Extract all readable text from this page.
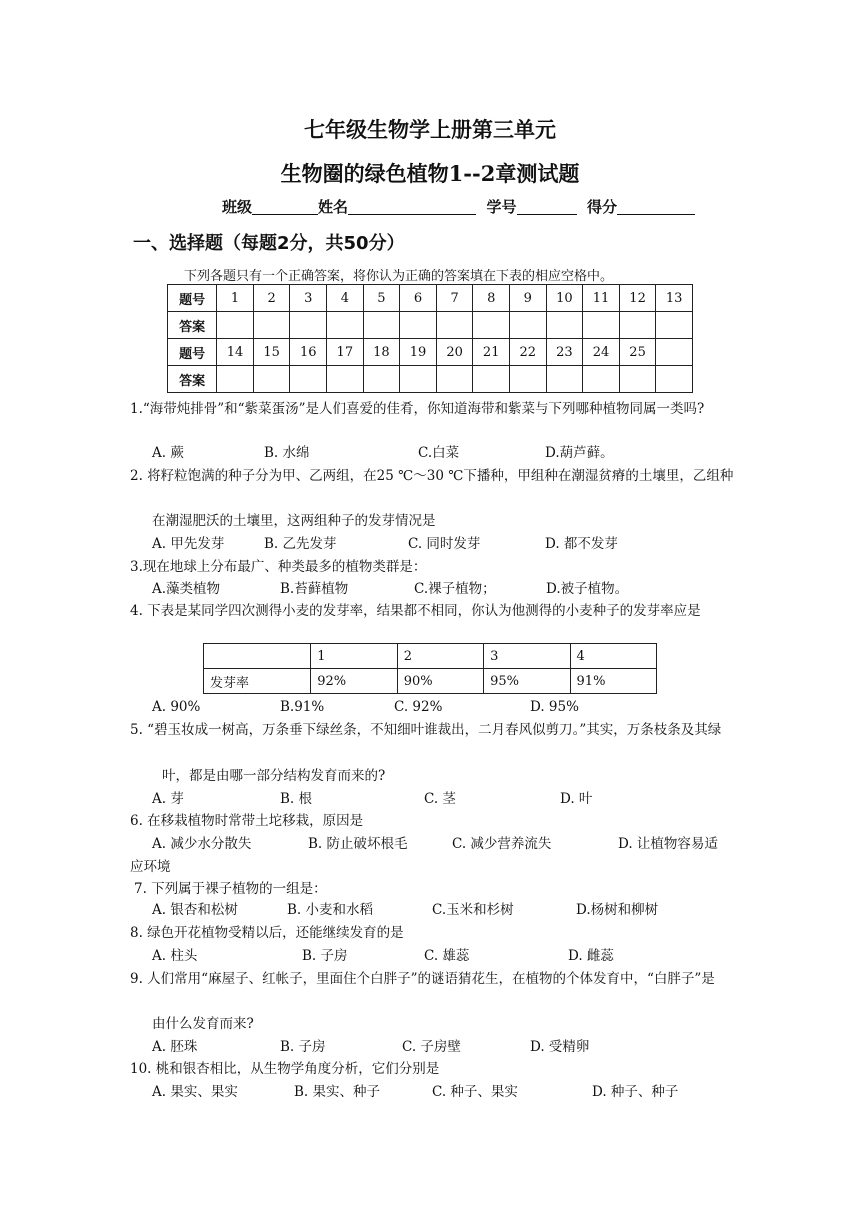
七年级生物学上册第三单元
生物圈的绿色植物1--2章测试题
班级	姓名	学号	得分
一、选择题（每题2分，共50分）
下列各题只有一个正确答案，将你认为正确的答案填在下表的相应空格中。
题号	1	2	3	4	5	6	7	8	9	10	11	12	13
答案													
题号	14	15	16	17	18	19	20	21	22	23	24	25	
答案													

1.“海带炖排骨”和“紫菜蛋汤”是人们喜爱的佳肴，你知道海带和紫菜与下列哪种植物同属一类吗?

A. 蕨	B. 水绵	C.白菜	D.葫芦藓。

2. 将籽粒饱满的种子分为甲、乙两组，在25 ℃～30 ℃下播种，甲组种在潮湿贫瘠的土壤里，乙组种

在潮湿肥沃的土壤里，这两组种子的发芽情况是
A. 甲先发芽	B. 乙先发芽	C. 同时发芽	D. 都不发芽

3.现在地球上分布最广、种类最多的植物类群是：

A.藻类植物	B.苔藓植物	C.裸子植物；	D.被子植物。

4. 下表是某同学四次测得小麦的发芽率，结果都不相同，你认为他测得的小麦种子的发芽率应是

	1	2	3	4
发芽率	92%	90%	95%	91%
A. 90%	B.91%	C. 92%	D. 95%

5. “碧玉妆成一树高，万条垂下绿丝条，不知细叶谁裁出，二月春风似剪刀。”其实，万条枝条及其绿

叶，都是由哪一部分结构发育而来的?
A. 芽	B. 根	C. 茎	D. 叶

6. 在移栽植物时常带土坨移栽，原因是

A. 减少水分散失	B. 防止破坏根毛	C. 减少营养流失	D. 让植物容易适
应环境

7. 下列属于裸子植物的一组是：

A. 银杏和松树	B. 小麦和水稻	C.玉米和杉树	D.杨树和柳树

8. 绿色开花植物受精以后，还能继续发育的是

A. 柱头	B. 子房	C. 雄蕊	D. 雌蕊

9. 人们常用“麻屋子、红帐子，里面住个白胖子”的谜语猜花生，在植物的个体发育中，“白胖子”是

由什么发育而来?
A. 胚珠	B. 子房	C. 子房壁	D. 受精卵

10. 桃和银杏相比，从生物学角度分析，它们分别是

A. 果实、果实	B. 果实、种子	C. 种子、果实	D. 种子、种子
